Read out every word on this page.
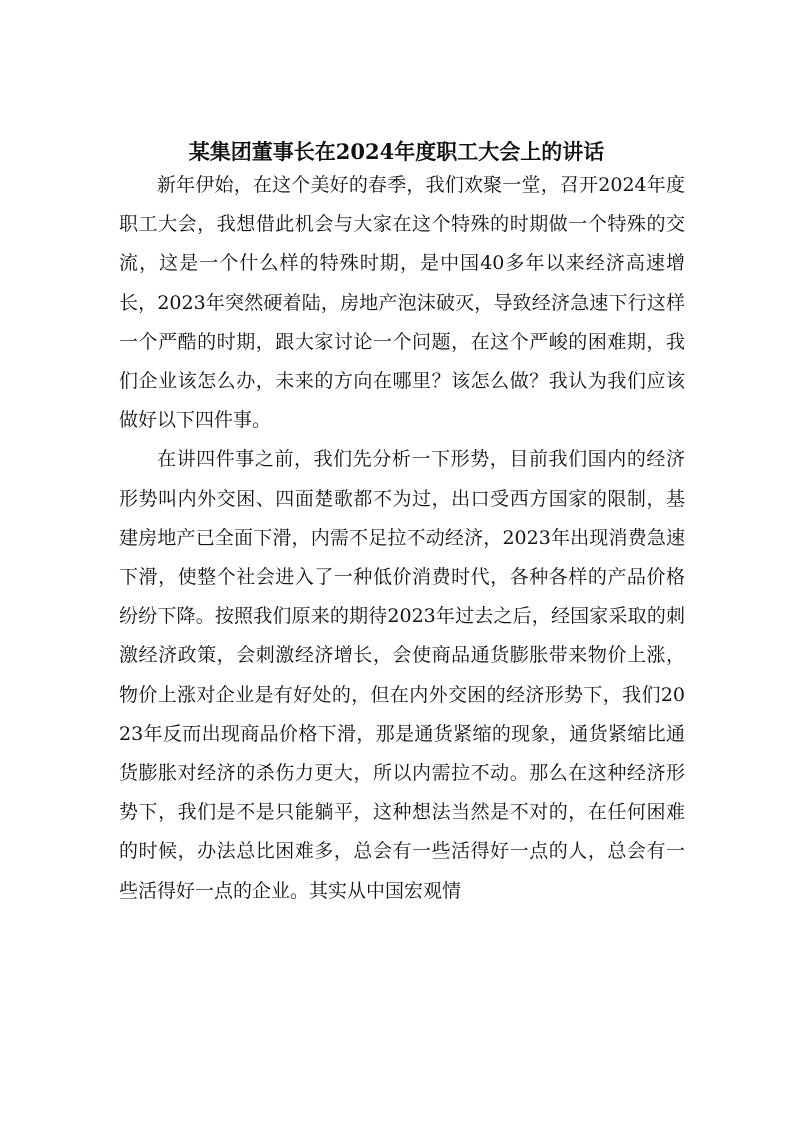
某集团董事长在2024年度职工大会上的讲话

新年伊始，在这个美好的春季，我们欢聚一堂，召开2024年度职工大会，我想借此机会与大家在这个特殊的时期做一个特殊的交流，这是一个什么样的特殊时期，是中国40多年以来经济高速增长，2023年突然硬着陆，房地产泡沫破灭，导致经济急速下行这样一个严酷的时期，跟大家讨论一个问题，在这个严峻的困难期，我们企业该怎么办，未来的方向在哪里？该怎么做？我认为我们应该做好以下四件事。

在讲四件事之前，我们先分析一下形势，目前我们国内的经济形势叫内外交困、四面楚歌都不为过，出口受西方国家的限制，基建房地产已全面下滑，内需不足拉不动经济，2023年出现消费急速下滑，使整个社会进入了一种低价消费时代，各种各样的产品价格纷纷下降。按照我们原来的期待2023年过去之后，经国家采取的刺激经济政策，会刺激经济增长，会使商品通货膨胀带来物价上涨，物价上涨对企业是有好处的，但在内外交困的经济形势下，我们2023年反而出现商品价格下滑，那是通货紧缩的现象，通货紧缩比通货膨胀对经济的杀伤力更大，所以内需拉不动。那么在这种经济形势下，我们是不是只能躺平，这种想法当然是不对的，在任何困难的时候，办法总比困难多，总会有一些活得好一点的人，总会有一些活得好一点的企业。其实从中国宏观情
